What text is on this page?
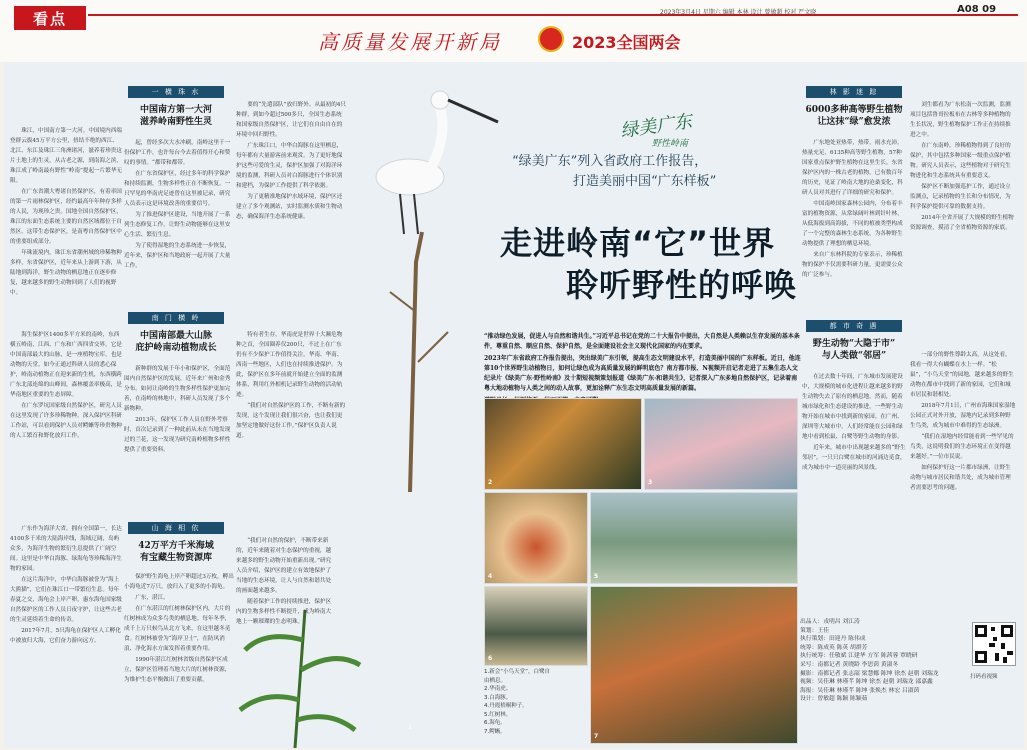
看点	2023年3月4日 星期六 编辑 本林 设计 曾敏超 校对 严文晓	A08 09
高质量发展开新局	2023全国两会

珠江，中国南方第一大河。中国境内西端登群云拔45万平方公里，扭结不绝的西江、北江、东江及珠江三角洲诸河，滋养着珍贵这片土地上的生灵，从古老之源，到南海之滨，珠江成了岭南最有野性“岭南”提起一片繁华无限。

在广东省潮大粤诸自然保护区，有着率国的第一片雨林保护区，经约最高年年种存多样的人民，为现珍之贵。国地全国自然保护区，珠江的东面生态系统主要的自然区域都位于自然区。这带生态保护区，是南粤自然保护区中的重要组成部分。

年珠流境内，珠江东省潮州域的珍稀物种多样，东省保护区，近年来从上游到下游，从陆地到海洋，野生动物的栖息地正在逐步修复，越来越多的野生动物回到了人们的视野中。

海生保护区1400多平方米的南岭，东西横五岭南，江西、广东和广西四省交界，它是中国南部最大的山脉，是一座植物宝库，也是动物的天堂。如今正通过科研人员的悉心保护，岭南动植物正在迎来新的生机，东西横跨广东北部连绵的山峰间，森林覆盖率极高，是华南地区重要的生态屏障。

在广东罗坑国家级自然保护区，研究人员在这里发现了许多珍稀物种。深入保护区科研工作站，可以看到保护人员对鳄蜥等珍贵物种的人工繁育和野化放归工作。

广东作为海洋大省，拥有全国第一，长达4100多千米的大陆海岸线，海域辽阔，岛屿众多，为海洋生物的繁衍生息提供了广阔空间。这里是中华白海豚、绿海龟等珍稀海洋生物的家园。

在这片海洋中，中华白海豚被誉为“海上大熊猫”，它们在珠江口一带繁衍生息。每年春夏之交，海龟会上岸产卵，惠东海龟国家级自然保护区的工作人员日夜守护，让这些古老的生灵延续着生命的传奇。

2017年7月，5只海龟在保护区人工孵化中被放归大海，它们奋力游向远方。

一 横 珠 水
中国南方第一大河
滋养岭南野性生灵

起，曾经多次大水冲刷，南岭这里千一份保护工作，也许每台今去着值得开心和赞叹的事情。“都带和都带。

在广东省保护区，经过多年的科学保护和持续监测，生物多样性正在不断恢复。一只罕见的华南虎足迹曾在这里被记录，研究人员表示这是环境改善的重要信号。

为了推进保护区建设，当地开展了一系列生态修复工作，让野生动物能够在这里安心生活、繁衍生息。

为了使得湿地的生态系统进一步恢复，近年来，保护区和当地政府一起开展了大量工作。

要的“先遣部队”放归野外。从最初的4只种群，到如今超过500多只，全国生态系统和国家级自然保护区，让它们在自由自在的环境中回归野性。

广东珠江口，中华白海豚在这里栖息，每年都有大量游客前来观赏。为了更好地保护这些可爱的生灵，保护区加强了对海洋环境的监测，科研人员对白海豚进行个体识别和建档，为保护工作提供了科学依据。

为了更精准地保护水域环境，保护区还建立了多个观测站，实时监测水质和生物动态，确保海洋生态系统健康。

南 门 横 岭
中国南部最大山脉
庇护岭南动植物成长

新种群的发展千年小和保护区，全面范围内自然保护区的发展，近年来广州和金秀分布。如同让南岭的生物多样性保护更加完善，在南岭的林地中，科研人员发现了多个新物种。

2013年，保护区工作人员在野外考察时，首次记录到了一种此前从未在当地发现过的兰花，这一发现为研究南岭植物多样性提供了重要资料。

特有者生存，华南虎是世界十大濒危物种之首，全国圈养仅200只，不过上在广东仍有不少保护工作值得关注，华南、华南、西南一些地区，人们也在持续推进保护。为此，保护区在多年前就开始建立全面的监测体系，利用红外相机记录野生动物的活动轨迹。

“我们对自然保护区的工作，不断有新的发现，这个发现让我们很兴奋，也让我们更加坚定地做好这份工作。”保护区负责人说道。

山 海 相 依
42万平方千米海域
有宝藏生物资源库

保护野生海龟上岸产卵超过3万枚，孵出小海龟近7万只，放归入了更多的小海龟。

广东，湛江。

在广东湛江的红树林保护区内，大片的红树林成为众多鸟类的栖息地。每年冬季，成千上万只候鸟从北方飞来，在这里越冬觅食。红树林被誉为“海岸卫士”，在防风消浪、净化海水方面发挥着重要作用。

1990年湛江红树林省级自然保护区成立，保护区管理着当地大片的红树林资源，为维护生态平衡做出了重要贡献。

“我们对自然的保护，不断带来新的，近年来随着对生态保护的重视，越来越多的野生动物开始重新出现。”研究人员介绍，保护区的建立有效地保护了当地的生态环境，让人与自然和谐共处的画面越来越多。

随着保护工作的持续推进，保护区内的生物多样性不断提升，成为岭南大地上一颗璀璨的生态明珠。

绿美广东
野性岭南
“绿美广东”列入省政府工作报告，
打造美丽中国“广东样板”
走进岭南“它”世界
聆听野性的呼唤

“推动绿色发展，促进人与自然和谐共生。”习近平总书记在党的二十大报告中提出，大自然是人类赖以生存发展的基本条件，尊重自然、顺应自然、保护自然，是全面建设社会主义现代化国家的内在要求。

2023年广东省政府工作报告提出，突出绿美广东引领，提高生态文明建设水平，打造美丽中国的广东样板。近日，他连第10个世界野生动植物日，如何让绿色成为高质量发展的鲜明底色？南方都市报、N视频开启记者走进了五集生态人文纪录片《绿美广东·野性岭南》及十期短视频策划报道《绿美广东·和谐共生》，记者深入广东多地自然保护区，记录着南粤大地动植物与人类之间的动人故事，更加诠释广东生态文明高质量发展的新篇。

2	3
4	5
6
7
1
1.新会“小鸟天堂”，白鹭自由栖息。
2.华南虎。
3.白海豚。
4.丹霞梧桐种子。
5.红树林。
6.海龟。
7.鳄蜥。
林 影 迷 踪
6000多种高等野生植物
让这抹“绿”愈发浓

广东地处亚热带，热带，雨水充沛，热量充足，6135种高等野生植物，57种国家重点保护野生植物在这里生长。东省保护区内的一株古老的植物，已有数百年的历史，见证了岭南大地的沧桑变化，科研人员对其进行了详细的研究和保护。

中国南岭国家森林公园内，分布着丰富的植物资源，从常绿阔叶林到针叶林，从低海拔到高海拔，不同的植被类型构成了一个完整的森林生态系统，为各种野生动物提供了理想的栖息环境。

来自广东林科院的专家表示，珍稀植物的保护不仅需要科研力量，更需要公众的广泛参与。

刘生都看为广东松南一次监测，监测项目包括鲁哥拉板布在古林等多种植物的生长状况，野生植物保护工作正在持续推进之中。

在广东南岭，珍稀植物得到了良好的保护，其中包括多种国家一级重点保护植物。研究人员表示，这些植物对于研究生物进化和生态系统具有重要意义。

保护区不断加强巡护工作，通过设立监测点，记录植物的生长和分布情况，为科学保护提供可靠的数据支持。

2014年全省开展了大规模的野生植物资源调查，摸清了全省植物资源的家底。

都 市 奇 遇
野生动物“大隐于市”
与人类做“邻居”

在过去数十年间，广东城市发展建设中，大规模的城市化进程让越来越多的野生动物失去了原有的栖息地。然而，随着城市绿化和生态建设的推进，一些野生动物开始在城市中找到新的家园。在广州、深圳等大城市中，人们经常能在公园和绿地中看到松鼠、白鹭等野生动物的身影。

近年来，城市中出现越来越多的“野生邻居”，一只只白鹭在城市的河涌边觅食，成为城市中一道亮丽的风景线。

一部分的野性尊龄太高，从这处看，我看一得大有蝴蝶在水上一样。“松鼠”，“小鸟天堂”的园地，越来越多的野生动物在都市中找到了新的家园，它们和城市居民和谐相处。

2018年7月1日，广州市海珠国家湿地公园正式对外开放，湿地内记录到多种野生鸟类，成为城市中难得的生态绿洲。

“我们在湿地内经常能看到一些罕见的鸟类，这说明我们的生态环境正在变得越来越好。”一位市民说。

如何保护好这一片都市绿洲，让野生动物与城市居民和谐共处，成为城市管理者需要思考的问题。

出品人：戎明昌 刘江涛
策划：王佳
执行策划：田迎丹 陈伟成
统筹：陈成英 陈英 胡群芳
执行统筹：任敬斌 江建华 方军 陈茜蓉 覃晓研
采写：南都记者 黄晓龄 李思茵 黄淑冬
摄影：南都记者 张志韶 梁慧娜 陈坤 徐杰 赵朝 刘瑞龙
视频：吴佳琳 林瑾芊 陈坤 徐杰 赵朝 刘瑞龙 邵嘉鑫
海报：吴佳琳 林瑾芊 陈坤 张焕杰 林宏 吕淑茵
设计：曾敏超 陈颖 陈颖茹
扫码看视频
